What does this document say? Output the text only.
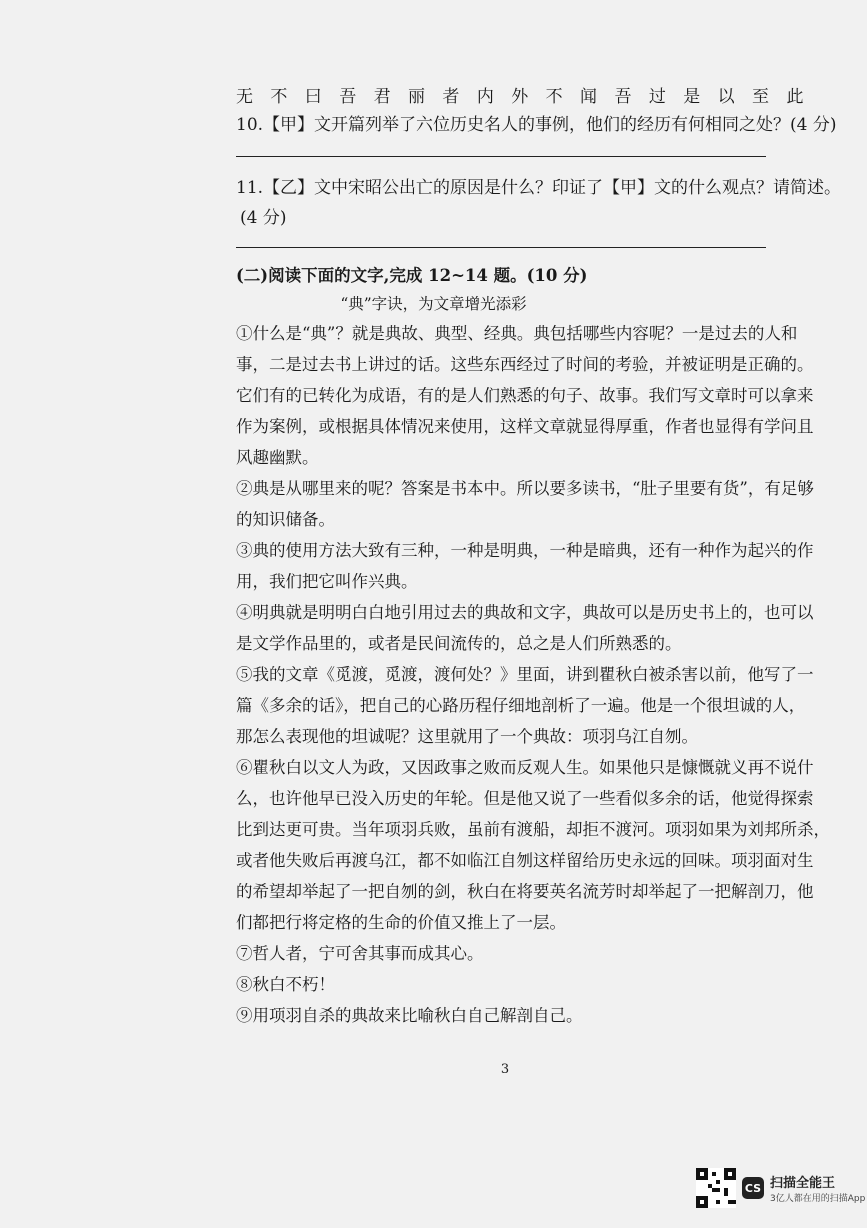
无 不 曰 吾 君 丽 者 内 外 不 闻 吾 过 是 以 至 此
10.【甲】文开篇列举了六位历史名人的事例，他们的经历有何相同之处？(4 分)
11.【乙】文中宋昭公出亡的原因是什么？印证了【甲】文的什么观点？请简述。
(4 分)
(二)阅读下面的文字,完成 12~14 题。(10 分)
“典”字诀，为文章增光添彩
①什么是“典”？就是典故、典型、经典。典包括哪些内容呢？一是过去的人和
事，二是过去书上讲过的话。这些东西经过了时间的考验，并被证明是正确的。
它们有的已转化为成语，有的是人们熟悉的句子、故事。我们写文章时可以拿来
作为案例，或根据具体情况来使用，这样文章就显得厚重，作者也显得有学问且
风趣幽默。
②典是从哪里来的呢？答案是书本中。所以要多读书，“肚子里要有货”，有足够
的知识储备。
③典的使用方法大致有三种，一种是明典，一种是暗典，还有一种作为起兴的作
用，我们把它叫作兴典。
④明典就是明明白白地引用过去的典故和文字，典故可以是历史书上的，也可以
是文学作品里的，或者是民间流传的，总之是人们所熟悉的。
⑤我的文章《觅渡，觅渡，渡何处？》里面，讲到瞿秋白被杀害以前，他写了一
篇《多余的话》，把自己的心路历程仔细地剖析了一遍。他是一个很坦诚的人，
那怎么表现他的坦诚呢？这里就用了一个典故：项羽乌江自刎。
⑥瞿秋白以文人为政，又因政事之败而反观人生。如果他只是慷慨就义再不说什
么，也许他早已没入历史的年轮。但是他又说了一些看似多余的话，他觉得探索
比到达更可贵。当年项羽兵败，虽前有渡船，却拒不渡河。项羽如果为刘邦所杀，
或者他失败后再渡乌江，都不如临江自刎这样留给历史永远的回味。项羽面对生
的希望却举起了一把自刎的剑，秋白在将要英名流芳时却举起了一把解剖刀，他
们都把行将定格的生命的价值又推上了一层。
⑦哲人者，宁可舍其事而成其心。
⑧秋白不朽！
⑨用项羽自杀的典故来比喻秋白自己解剖自己。
3
CS 扫描全能王
3亿人都在用的扫描App
